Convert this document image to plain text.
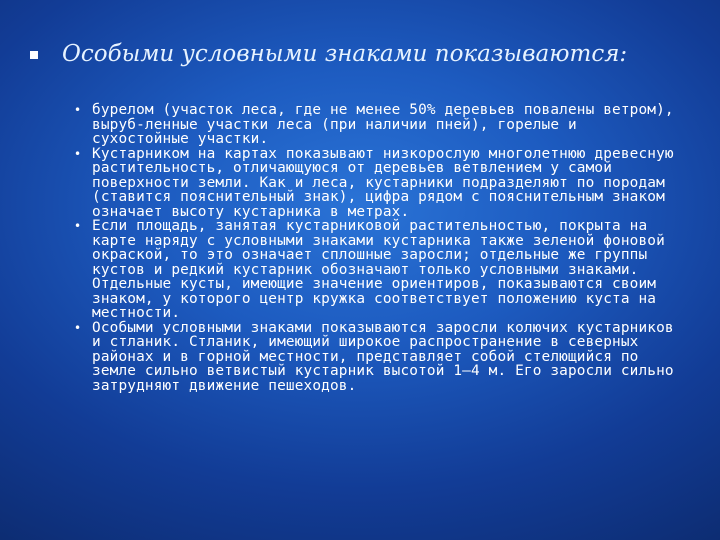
Особыми условными знаками показываются:
• бурелом (участок леса, где не менее 50% деревьев повалены ветром), выруб-ленные участки леса (при наличии пней), горелые и сухостойные участки.
• Кустарником на картах показывают низкорослую многолетнюю древесную растительность, отличающуюся от деревьев ветвлением у самой поверхности земли. Как и леса, кустарники подразделяют по породам (ставится пояснительный знак), цифра рядом с пояснительным знаком означает высоту кустарника в метрах.
• Если площадь, занятая кустарниковой растительностью, покрыта на карте наряду с условными знаками кустарника также зеленой фоновой окраской, то это означает сплошные заросли; отдельные же группы кустов и редкий кустарник обозначают только условными знаками. Отдельные кусты, имеющие значение ориентиров, показываются своим знаком, у которого центр кружка соответствует положению куста на местности.
• Особыми условными знаками показываются заросли колючих кустарников и стланик. Стланик, имеющий широкое распространение в северных районах и в горной местности, представляет собой стелющийся по земле сильно ветвистый кустарник высотой 1—4 м. Его заросли сильно затрудняют движение пешеходов.
